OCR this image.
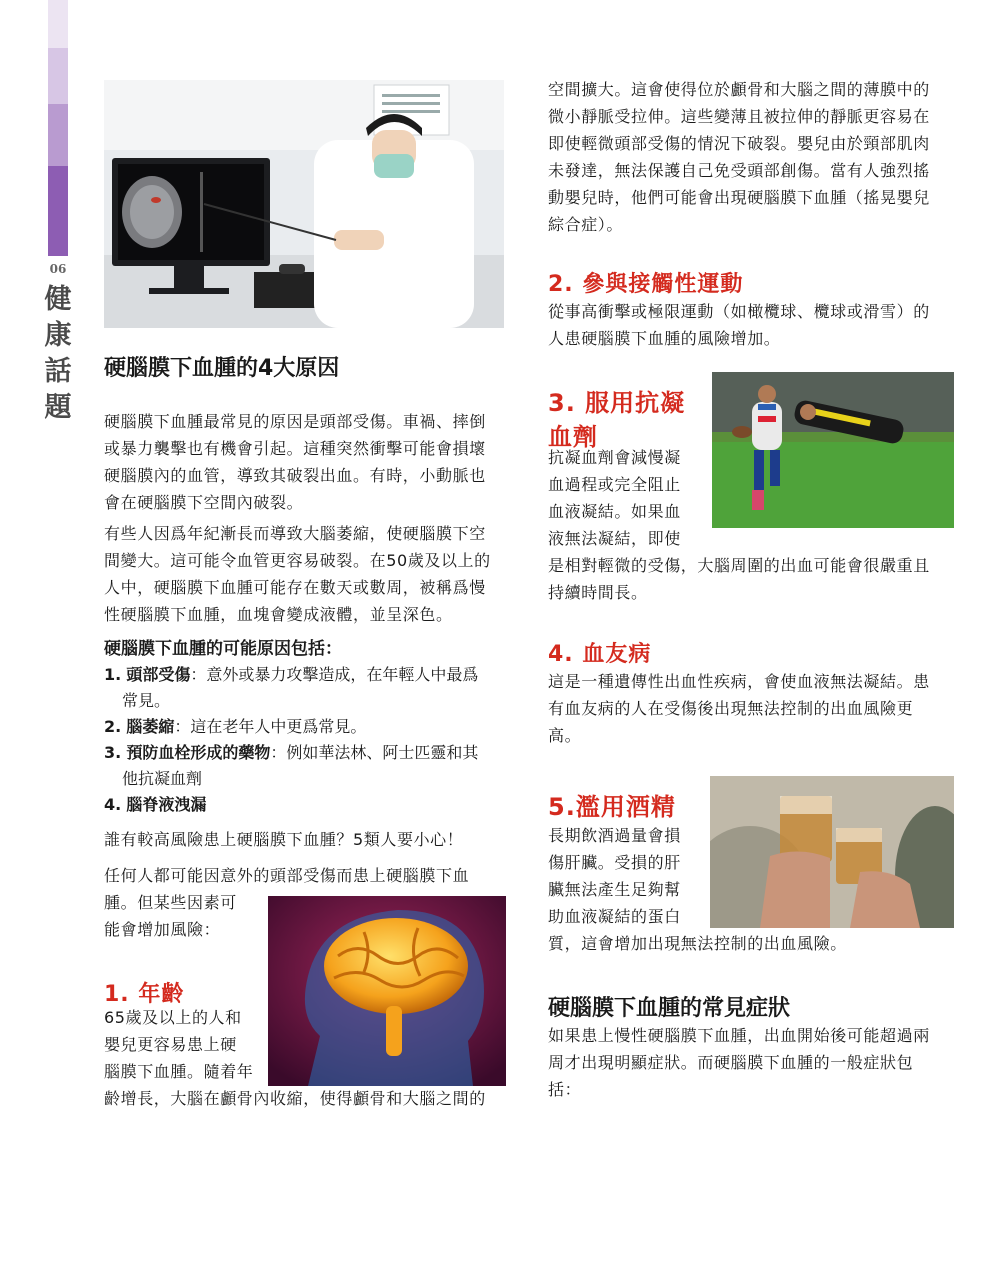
06
健
康
話
題
硬腦膜下血腫的4大原因

硬腦膜下血腫最常見的原因是頭部受傷。車禍、摔倒

或暴力襲擊也有機會引起。這種突然衝擊可能會損壞

硬腦膜內的血管，導致其破裂出血。有時，小動脈也

會在硬腦膜下空間內破裂。

有些人因爲年紀漸長而導致大腦萎縮，使硬腦膜下空

間變大。這可能令血管更容易破裂。在50歲及以上的

人中，硬腦膜下血腫可能存在數天或數周，被稱爲慢

性硬腦膜下血腫，血塊會變成液體，並呈深色。

硬腦膜下血腫的可能原因包括：
1. 頭部受傷：意外或暴力攻擊造成，在年輕人中最爲
常見。
2. 腦萎縮：這在老年人中更爲常見。
3. 預防血栓形成的藥物：例如華法林、阿士匹靈和其
他抗凝血劑
4. 腦脊液洩漏

誰有較高風險患上硬腦膜下血腫？5類人要小心！

任何人都可能因意外的頭部受傷而患上硬腦膜下血

腫。但某些因素可

能會增加風險：

1. 年齡

65歲及以上的人和

嬰兒更容易患上硬

腦膜下血腫。隨着年

齡增長，大腦在顱骨內收縮，使得顱骨和大腦之間的

空間擴大。這會使得位於顱骨和大腦之間的薄膜中的

微小靜脈受拉伸。這些變薄且被拉伸的靜脈更容易在

即使輕微頭部受傷的情況下破裂。嬰兒由於頸部肌肉

未發達，無法保護自己免受頭部創傷。當有人強烈搖

動嬰兒時，他們可能會出現硬腦膜下血腫（搖晃嬰兒

綜合症）。

2. 參與接觸性運動

從事高衝擊或極限運動（如橄欖球、欖球或滑雪）的

人患硬腦膜下血腫的風險增加。

3. 服用抗凝

血劑

抗凝血劑會減慢凝

血過程或完全阻止

血液凝結。如果血

液無法凝結，即使

是相對輕微的受傷，大腦周圍的出血可能會很嚴重且

持續時間長。

4. 血友病

這是一種遺傳性出血性疾病，會使血液無法凝結。患

有血友病的人在受傷後出現無法控制的出血風險更

高。

5.濫用酒精

長期飲酒過量會損

傷肝臟。受損的肝

臟無法產生足夠幫

助血液凝結的蛋白

質，這會增加出現無法控制的出血風險。

硬腦膜下血腫的常見症狀

如果患上慢性硬腦膜下血腫，出血開始後可能超過兩

周才出現明顯症狀。而硬腦膜下血腫的一般症狀包

括：
